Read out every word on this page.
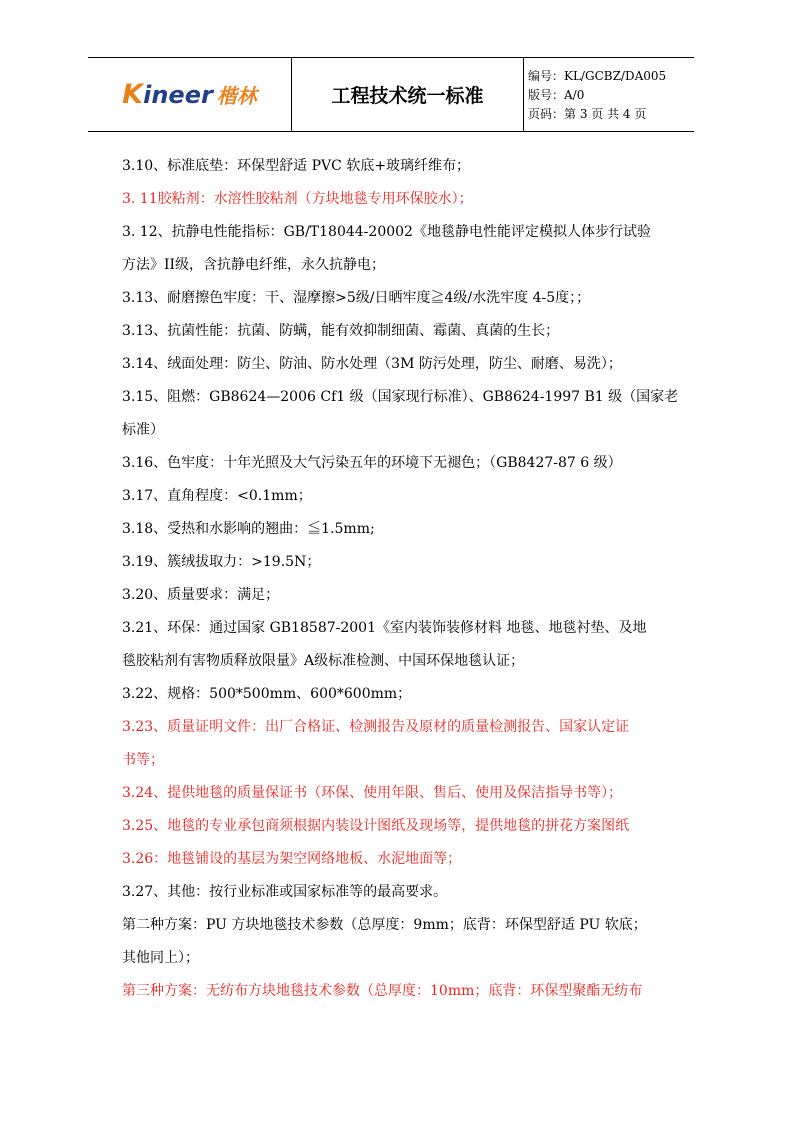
Kineer 楷林	工程技术统一标准
编号：KL/GCBZ/DA005
版号：A/0
页码：第 3 页 共 4 页
3.10、标准底垫：环保型舒适 PVC 软底+玻璃纤维布；
3. 11胶粘剂：水溶性胶粘剂（方块地毯专用环保胶水）；
3. 12、抗静电性能指标：GB/T18044-20002《地毯静电性能评定模拟人体步行试验
方法》II级，含抗静电纤维，永久抗静电；
3.13、耐磨擦色牢度：干、湿摩擦>5级/日晒牢度≧4级/水洗牢度 4-5度；；
3.13、抗菌性能：抗菌、防螨，能有效抑制细菌、霉菌、真菌的生长；
3.14、绒面处理：防尘、防油、防水处理（3M 防污处理，防尘、耐磨、易洗）；
3.15、阻燃：GB8624—2006 Cf1 级（国家现行标准）、GB8624-1997 B1 级（国家老
标准）
3.16、色牢度：十年光照及大气污染五年的环境下无褪色；（GB8427-87 6 级）
3.17、直角程度：<0.1mm；
3.18、受热和水影响的翘曲：≦1.5mm;
3.19、簇绒拔取力：>19.5N；
3.20、质量要求：满足；
3.21、环保：通过国家 GB18587-2001《室内装饰装修材料 地毯、地毯衬垫、及地
毯胶粘剂有害物质释放限量》A级标准检测、中国环保地毯认证；
3.22、规格：500*500mm、600*600mm；
3.23、质量证明文件：出厂合格证、检测报告及原材的质量检测报告、国家认定证
书等；
3.24、提供地毯的质量保证书（环保、使用年限、售后、使用及保洁指导书等）；
3.25、地毯的专业承包商须根据内装设计图纸及现场等，提供地毯的拼花方案图纸
3.26：地毯铺设的基层为架空网络地板、水泥地面等；
3.27、其他：按行业标准或国家标准等的最高要求。
第二种方案：PU 方块地毯技术参数（总厚度：9mm；底背：环保型舒适 PU 软底；
其他同上）；
第三种方案：无纺布方块地毯技术参数（总厚度：10mm；底背：环保型聚酯无纺布
